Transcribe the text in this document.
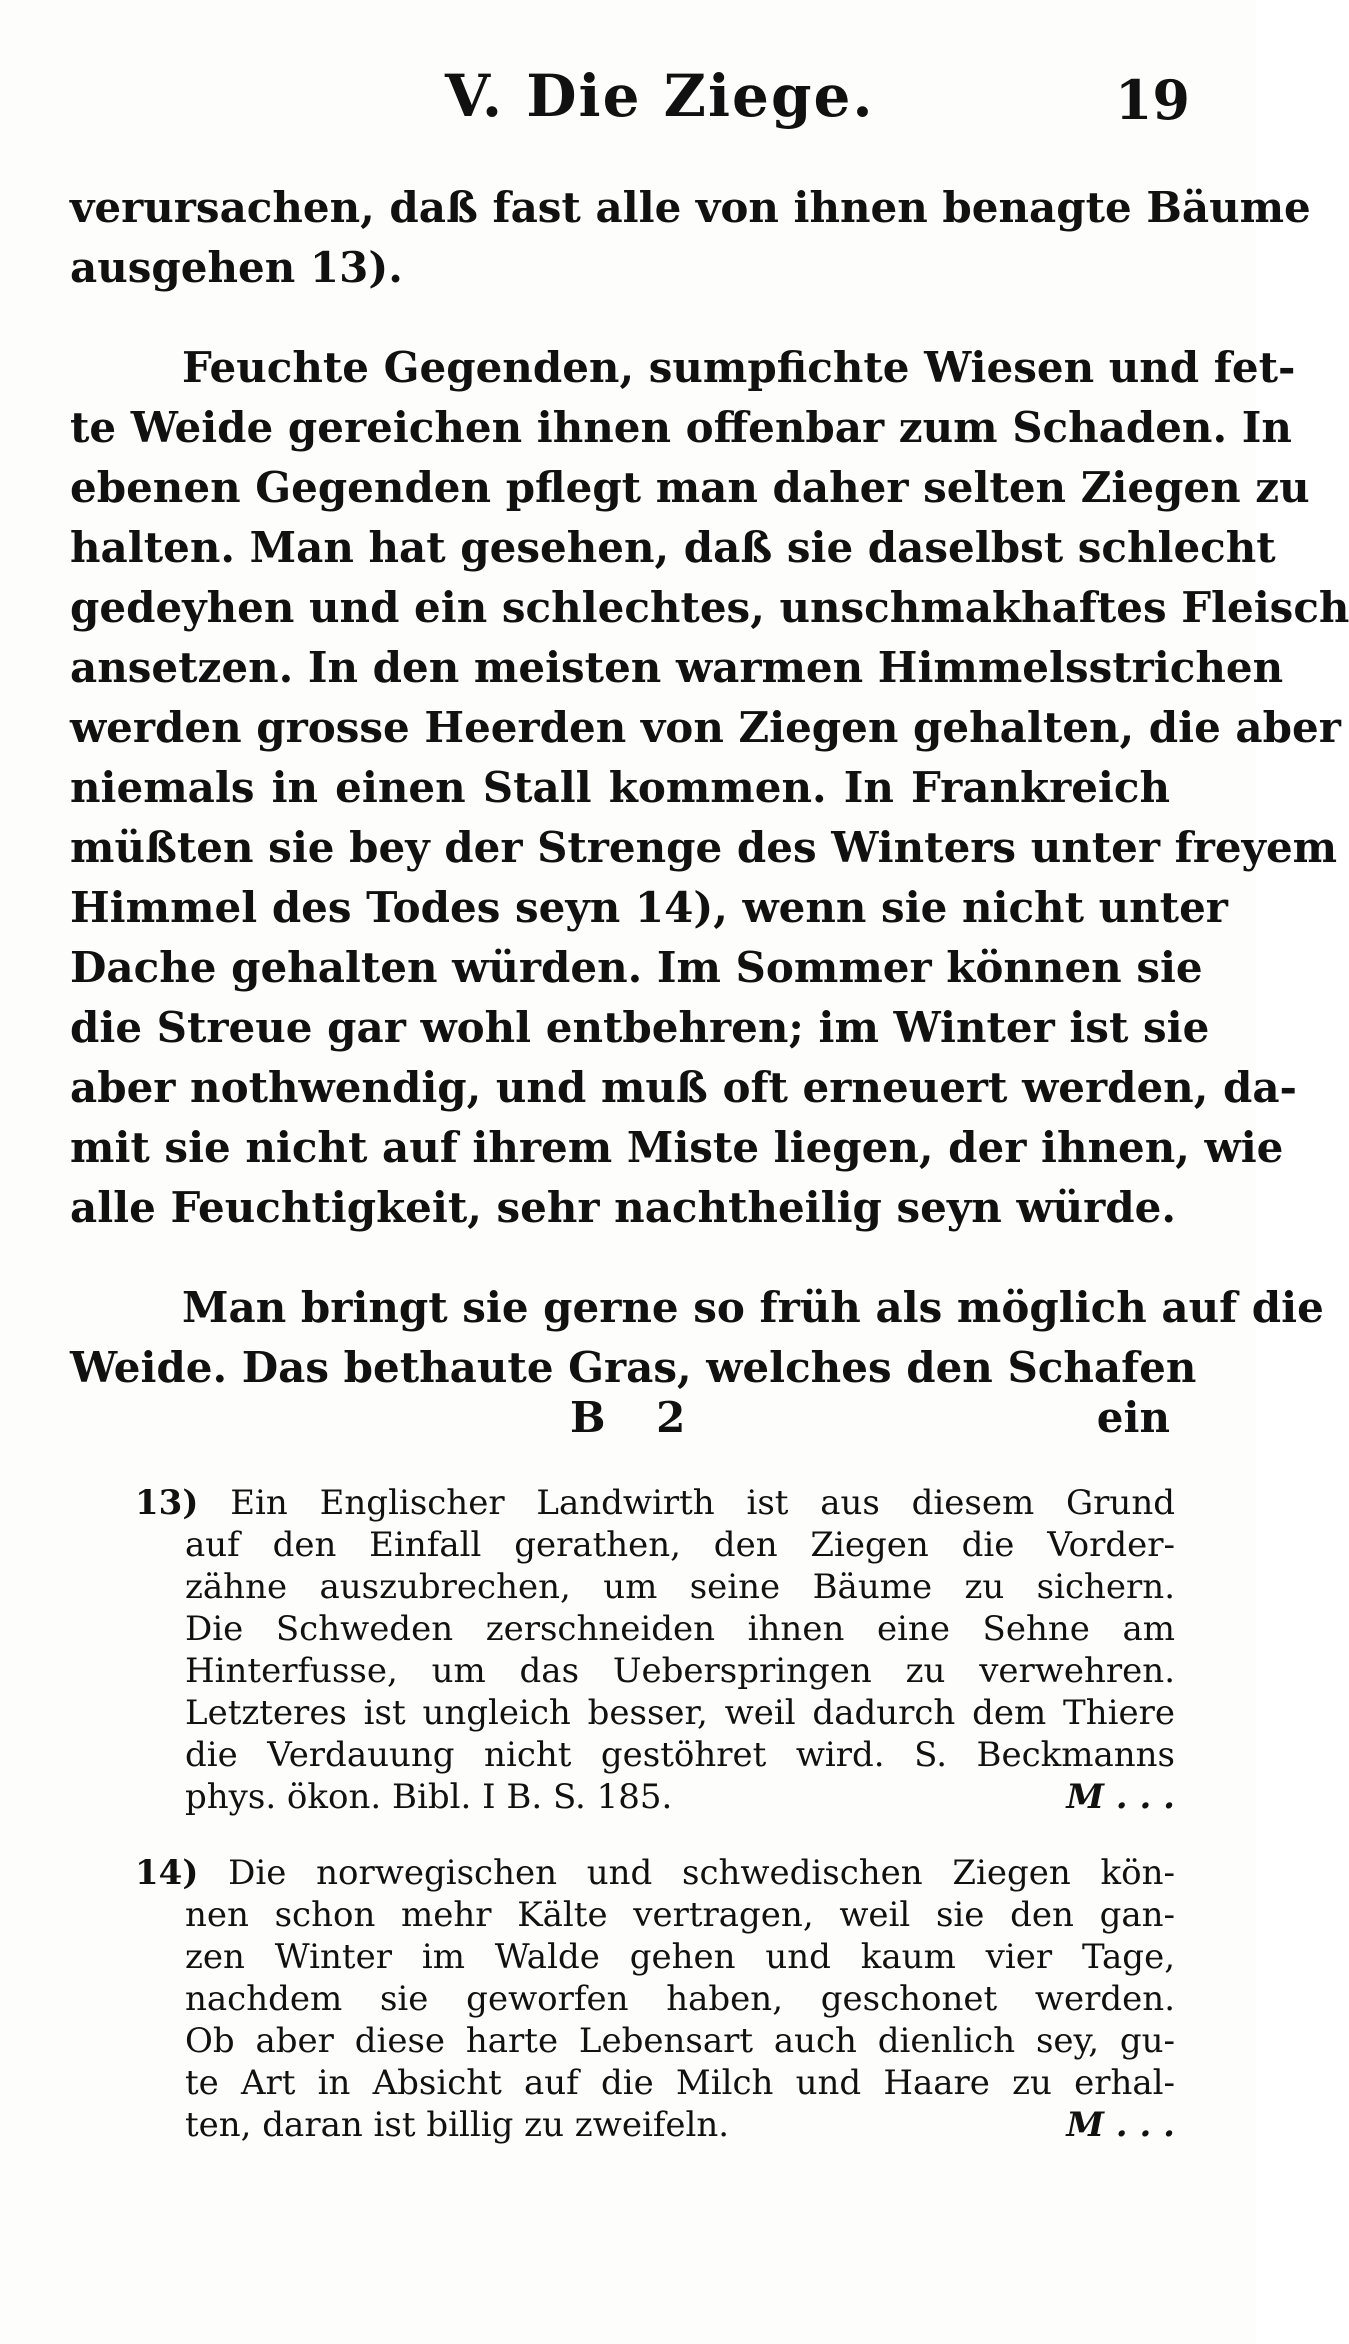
V. Die Ziege.	19
verursachen, daß fast alle von ihnen benagte Bäume
ausgehen 13).
Feuchte Gegenden, sumpfichte Wiesen und fet-
te Weide gereichen ihnen offenbar zum Schaden. In
ebenen Gegenden pflegt man daher selten Ziegen zu
halten. Man hat gesehen, daß sie daselbst schlecht
gedeyhen und ein schlechtes, unschmakhaftes Fleisch
ansetzen. In den meisten warmen Himmelsstrichen
werden grosse Heerden von Ziegen gehalten, die aber
niemals in einen Stall kommen. In Frankreich
müßten sie bey der Strenge des Winters unter freyem
Himmel des Todes seyn 14), wenn sie nicht unter
Dache gehalten würden. Im Sommer können sie
die Streue gar wohl entbehren; im Winter ist sie
aber nothwendig, und muß oft erneuert werden, da-
mit sie nicht auf ihrem Miste liegen, der ihnen, wie
alle Feuchtigkeit, sehr nachtheilig seyn würde.
Man bringt sie gerne so früh als möglich auf die
Weide. Das bethaute Gras, welches den Schafen
B 2	ein
13) Ein Englischer Landwirth ist aus diesem Grund
auf den Einfall gerathen, den Ziegen die Vorder-
zähne auszubrechen, um seine Bäume zu sichern.
Die Schweden zerschneiden ihnen eine Sehne am
Hinterfusse, um das Ueberspringen zu verwehren.
Letzteres ist ungleich besser, weil dadurch dem Thiere
die Verdauung nicht gestöhret wird. S. Beckmanns
phys. ökon. Bibl. I B. S. 185.	M . . .
14) Die norwegischen und schwedischen Ziegen kön-
nen schon mehr Kälte vertragen, weil sie den gan-
zen Winter im Walde gehen und kaum vier Tage,
nachdem sie geworfen haben, geschonet werden.
Ob aber diese harte Lebensart auch dienlich sey, gu-
te Art in Absicht auf die Milch und Haare zu erhal-
ten, daran ist billig zu zweifeln.	M . . .
